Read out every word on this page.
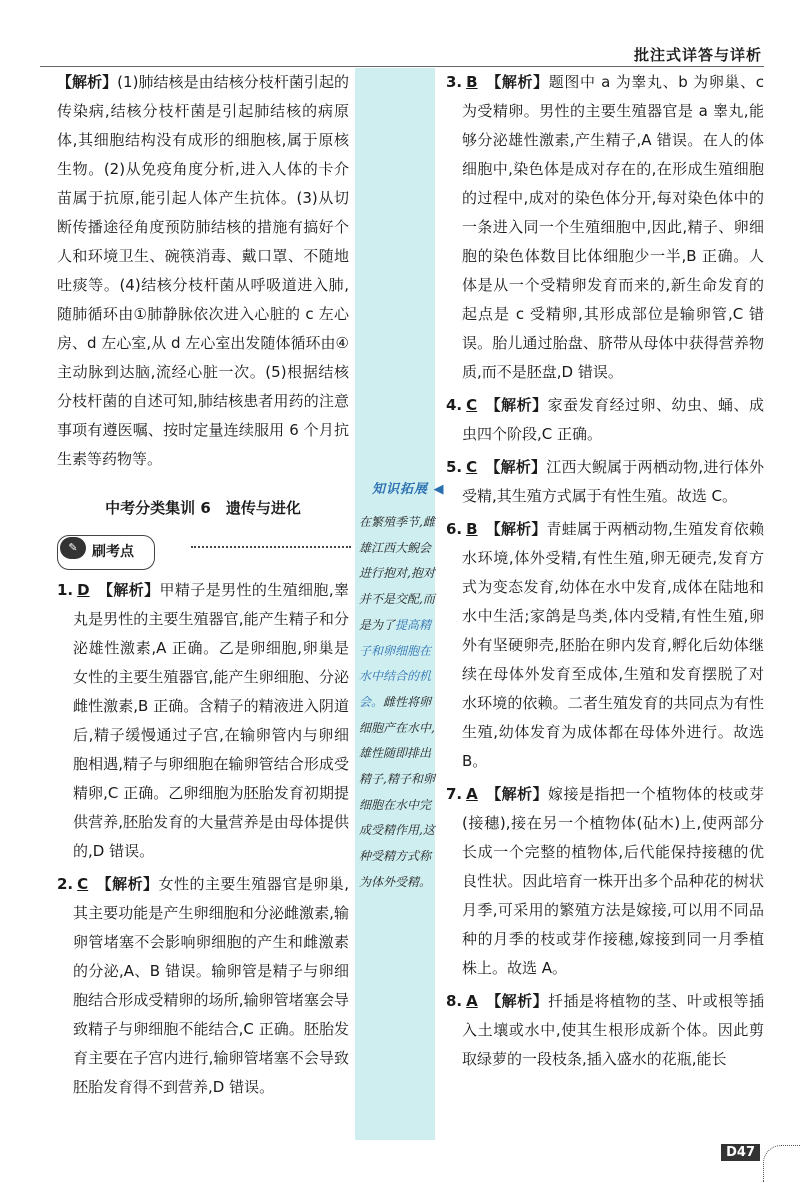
批注式详答与详析
知识拓展 ◀
在繁殖季节,雌雄江西大鲵会进行抱对,抱对并不是交配,而是为了提高精子和卵细胞在水中结合的机会。雌性将卵细胞产在水中,雄性随即排出精子,精子和卵细胞在水中完成受精作用,这种受精方式称为体外受精。

【解析】(1)肺结核是由结核分枝杆菌引起的传染病,结核分枝杆菌是引起肺结核的病原体,其细胞结构没有成形的细胞核,属于原核生物。(2)从免疫角度分析,进入人体的卡介苗属于抗原,能引起人体产生抗体。(3)从切断传播途径角度预防肺结核的措施有搞好个人和环境卫生、碗筷消毒、戴口罩、不随地吐痰等。(4)结核分枝杆菌从呼吸道进入肺,随肺循环由①肺静脉依次进入心脏的 c 左心房、d 左心室,从 d 左心室出发随体循环由④主动脉到达脑,流经心脏一次。(5)根据结核分枝杆菌的自述可知,肺结核患者用药的注意事项有遵医嘱、按时定量连续服用 6 个月抗生素等药物等。

中考分类集训 6　遗传与进化
✎	刷考点

1. D 【解析】甲精子是男性的生殖细胞,睾丸是男性的主要生殖器官,能产生精子和分泌雄性激素,A 正确。乙是卵细胞,卵巢是女性的主要生殖器官,能产生卵细胞、分泌雌性激素,B 正确。含精子的精液进入阴道后,精子缓慢通过子宫,在输卵管内与卵细胞相遇,精子与卵细胞在输卵管结合形成受精卵,C 正确。乙卵细胞为胚胎发育初期提供营养,胚胎发育的大量营养是由母体提供的,D 错误。

2. C 【解析】女性的主要生殖器官是卵巢,其主要功能是产生卵细胞和分泌雌激素,输卵管堵塞不会影响卵细胞的产生和雌激素的分泌,A、B 错误。输卵管是精子与卵细胞结合形成受精卵的场所,输卵管堵塞会导致精子与卵细胞不能结合,C 正确。胚胎发育主要在子宫内进行,输卵管堵塞不会导致胚胎发育得不到营养,D 错误。

3. B 【解析】题图中 a 为睾丸、b 为卵巢、c 为受精卵。男性的主要生殖器官是 a 睾丸,能够分泌雄性激素,产生精子,A 错误。在人的体细胞中,染色体是成对存在的,在形成生殖细胞的过程中,成对的染色体分开,每对染色体中的一条进入同一个生殖细胞中,因此,精子、卵细胞的染色体数目比体细胞少一半,B 正确。人体是从一个受精卵发育而来的,新生命发育的起点是 c 受精卵,其形成部位是输卵管,C 错误。胎儿通过胎盘、脐带从母体中获得营养物质,而不是胚盘,D 错误。

4. C 【解析】家蚕发育经过卵、幼虫、蛹、成虫四个阶段,C 正确。

5. C 【解析】江西大鲵属于两栖动物,进行体外受精,其生殖方式属于有性生殖。故选 C。

6. B 【解析】青蛙属于两栖动物,生殖发育依赖水环境,体外受精,有性生殖,卵无硬壳,发育方式为变态发育,幼体在水中发育,成体在陆地和水中生活;家鸽是鸟类,体内受精,有性生殖,卵外有坚硬卵壳,胚胎在卵内发育,孵化后幼体继续在母体外发育至成体,生殖和发育摆脱了对水环境的依赖。二者生殖发育的共同点为有性生殖,幼体发育为成体都在母体外进行。故选 B。

7. A 【解析】嫁接是指把一个植物体的枝或芽(接穗),接在另一个植物体(砧木)上,使两部分长成一个完整的植物体,后代能保持接穗的优良性状。因此培育一株开出多个品种花的树状月季,可采用的繁殖方法是嫁接,可以用不同品种的月季的枝或芽作接穗,嫁接到同一月季植株上。故选 A。

8. A 【解析】扦插是将植物的茎、叶或根等插入土壤或水中,使其生根形成新个体。因此剪取绿萝的一段枝条,插入盛水的花瓶,能长

D47
